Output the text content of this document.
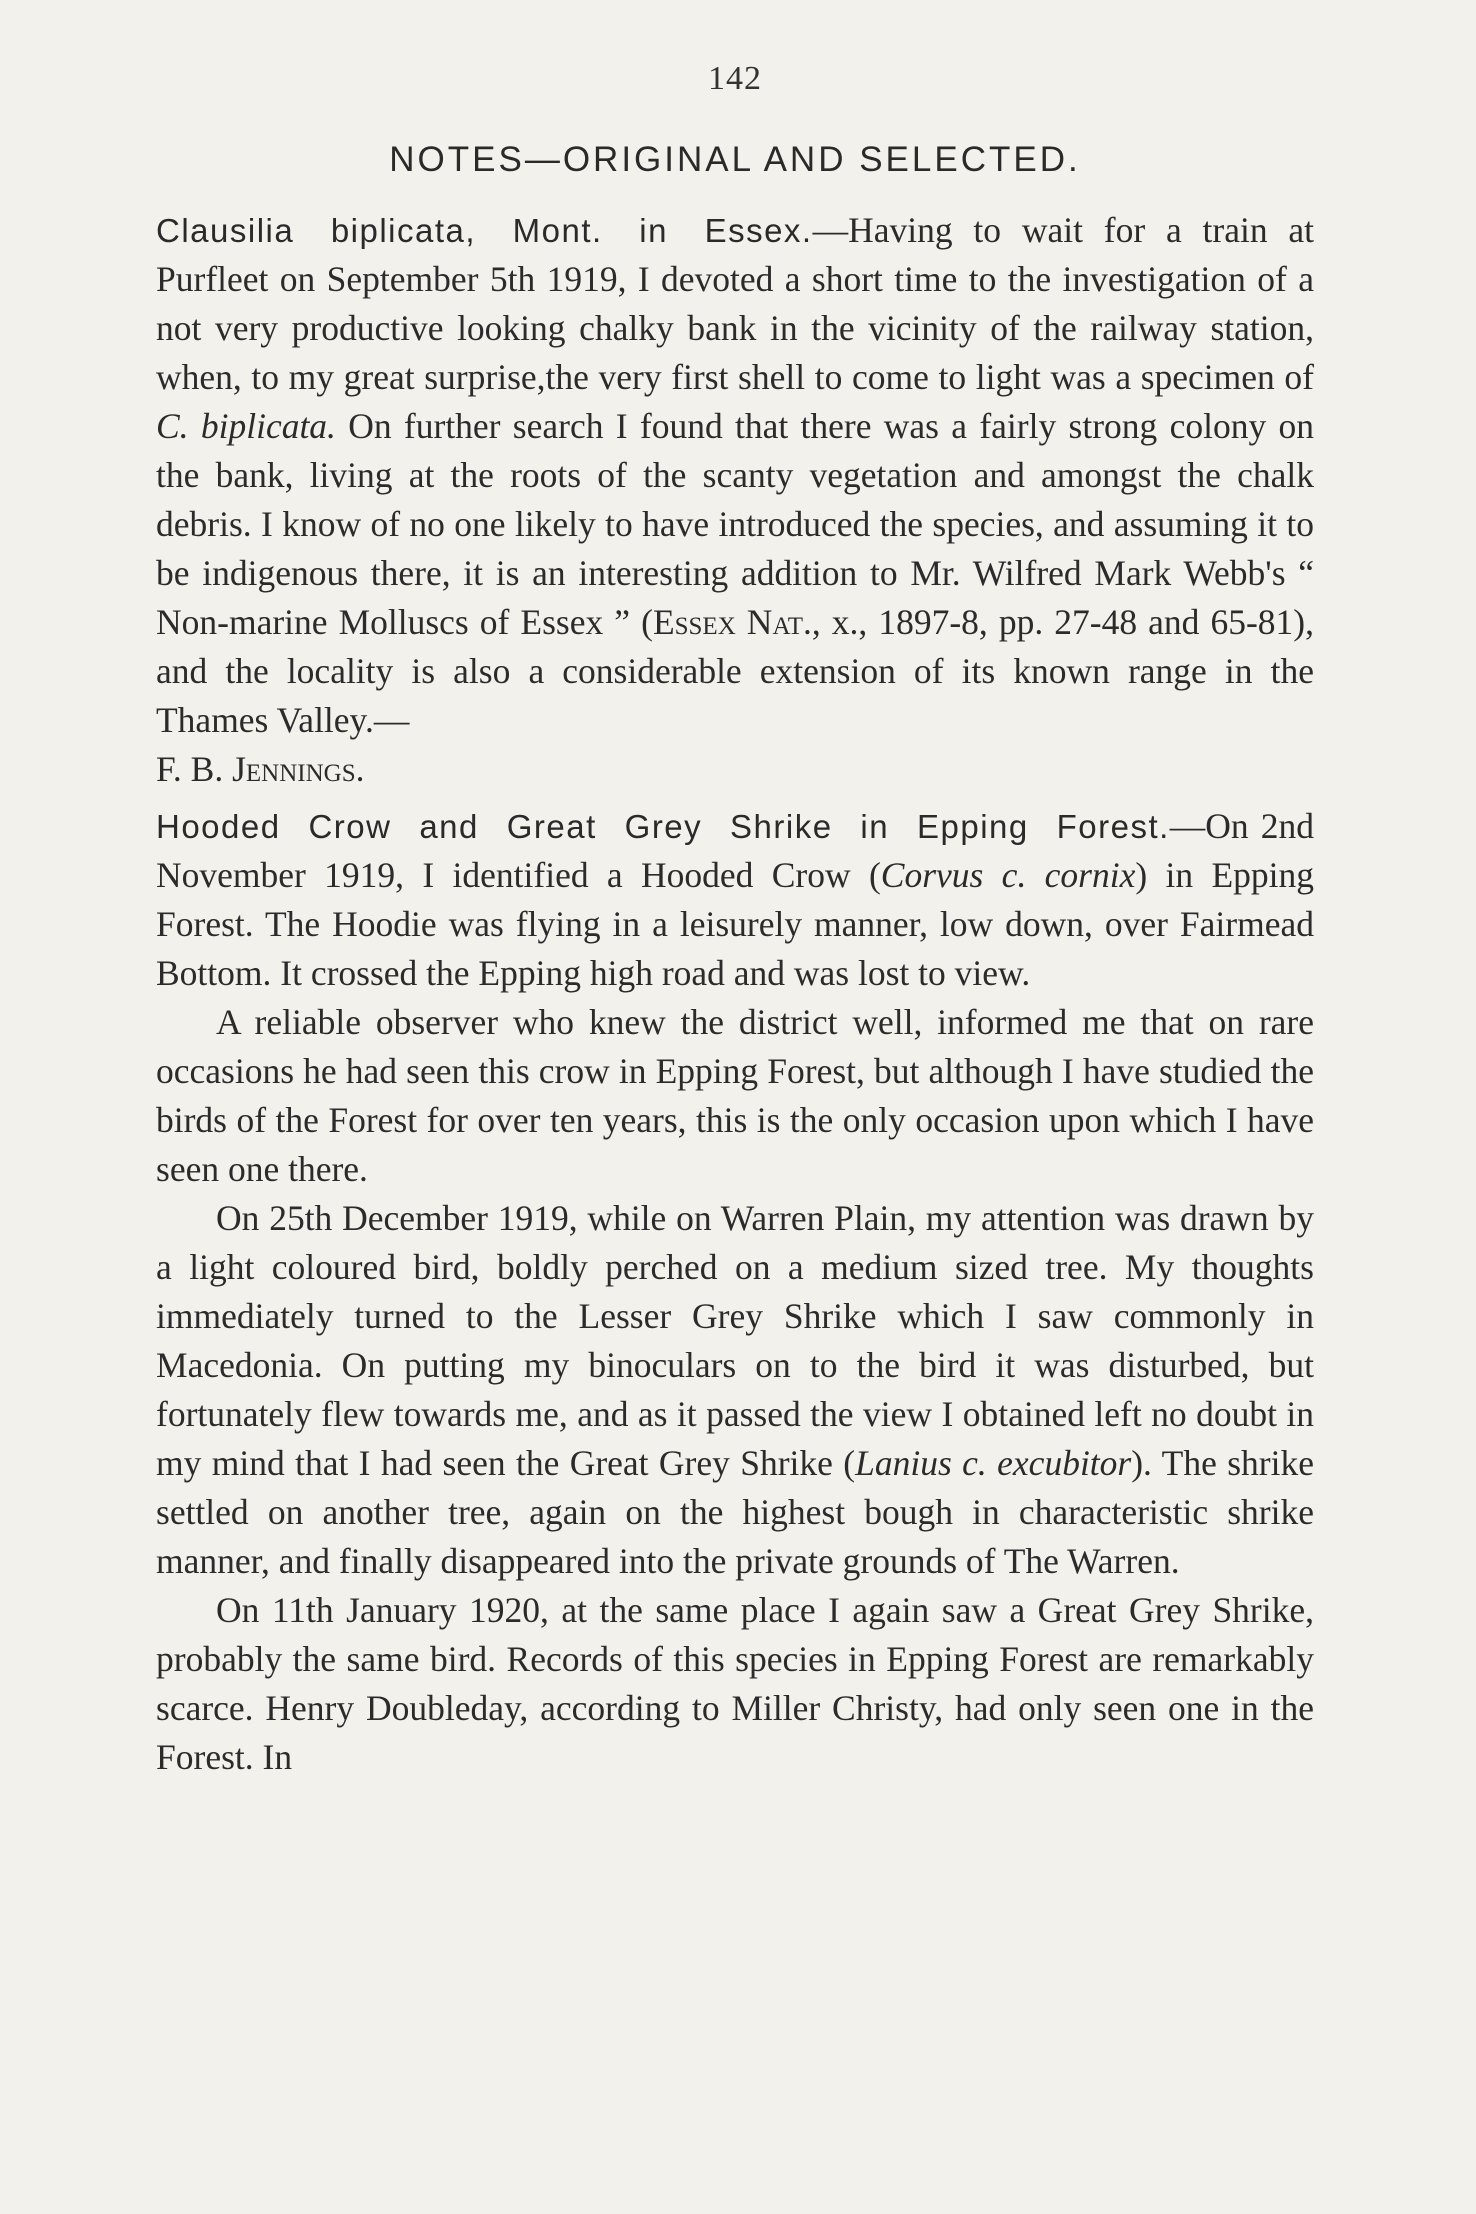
142
NOTES—ORIGINAL AND SELECTED.

Clausilia biplicata, Mont. in Essex.—Having to wait for a train at Purfleet on September 5th 1919, I devoted a short time to the investigation of a not very productive looking chalky bank in the vicinity of the railway station, when, to my great surprise,the very first shell to come to light was a specimen of C. biplicata. On further search I found that there was a fairly strong colony on the bank, living at the roots of the scanty vegetation and amongst the chalk debris. I know of no one likely to have introduced the species, and assuming it to be indigenous there, it is an interesting addition to Mr. Wilfred Mark Webb's “ Non-marine Molluscs of Essex ” (Essex Nat., x., 1897-8, pp. 27-48 and 65-81), and the locality is also a considerable extension of its known range in the Thames Valley.—
F. B. Jennings.

Hooded Crow and Great Grey Shrike in Epping Forest.—On 2nd November 1919, I identified a Hooded Crow (Corvus c. cornix) in Epping Forest. The Hoodie was flying in a leisurely manner, low down, over Fairmead Bottom. It crossed the Epping high road and was lost to view.

A reliable observer who knew the district well, informed me that on rare occasions he had seen this crow in Epping Forest, but although I have studied the birds of the Forest for over ten years, this is the only occasion upon which I have seen one there.

On 25th December 1919, while on Warren Plain, my attention was drawn by a light coloured bird, boldly perched on a medium sized tree. My thoughts immediately turned to the Lesser Grey Shrike which I saw commonly in Macedonia. On putting my binoculars on to the bird it was disturbed, but fortunately flew towards me, and as it passed the view I obtained left no doubt in my mind that I had seen the Great Grey Shrike (Lanius c. excubitor). The shrike settled on another tree, again on the highest bough in characteristic shrike manner, and finally disappeared into the private grounds of The Warren.

On 11th January 1920, at the same place I again saw a Great Grey Shrike, probably the same bird. Records of this species in Epping Forest are remarkably scarce. Henry Doubleday, according to Miller Christy, had only seen one in the Forest. In
